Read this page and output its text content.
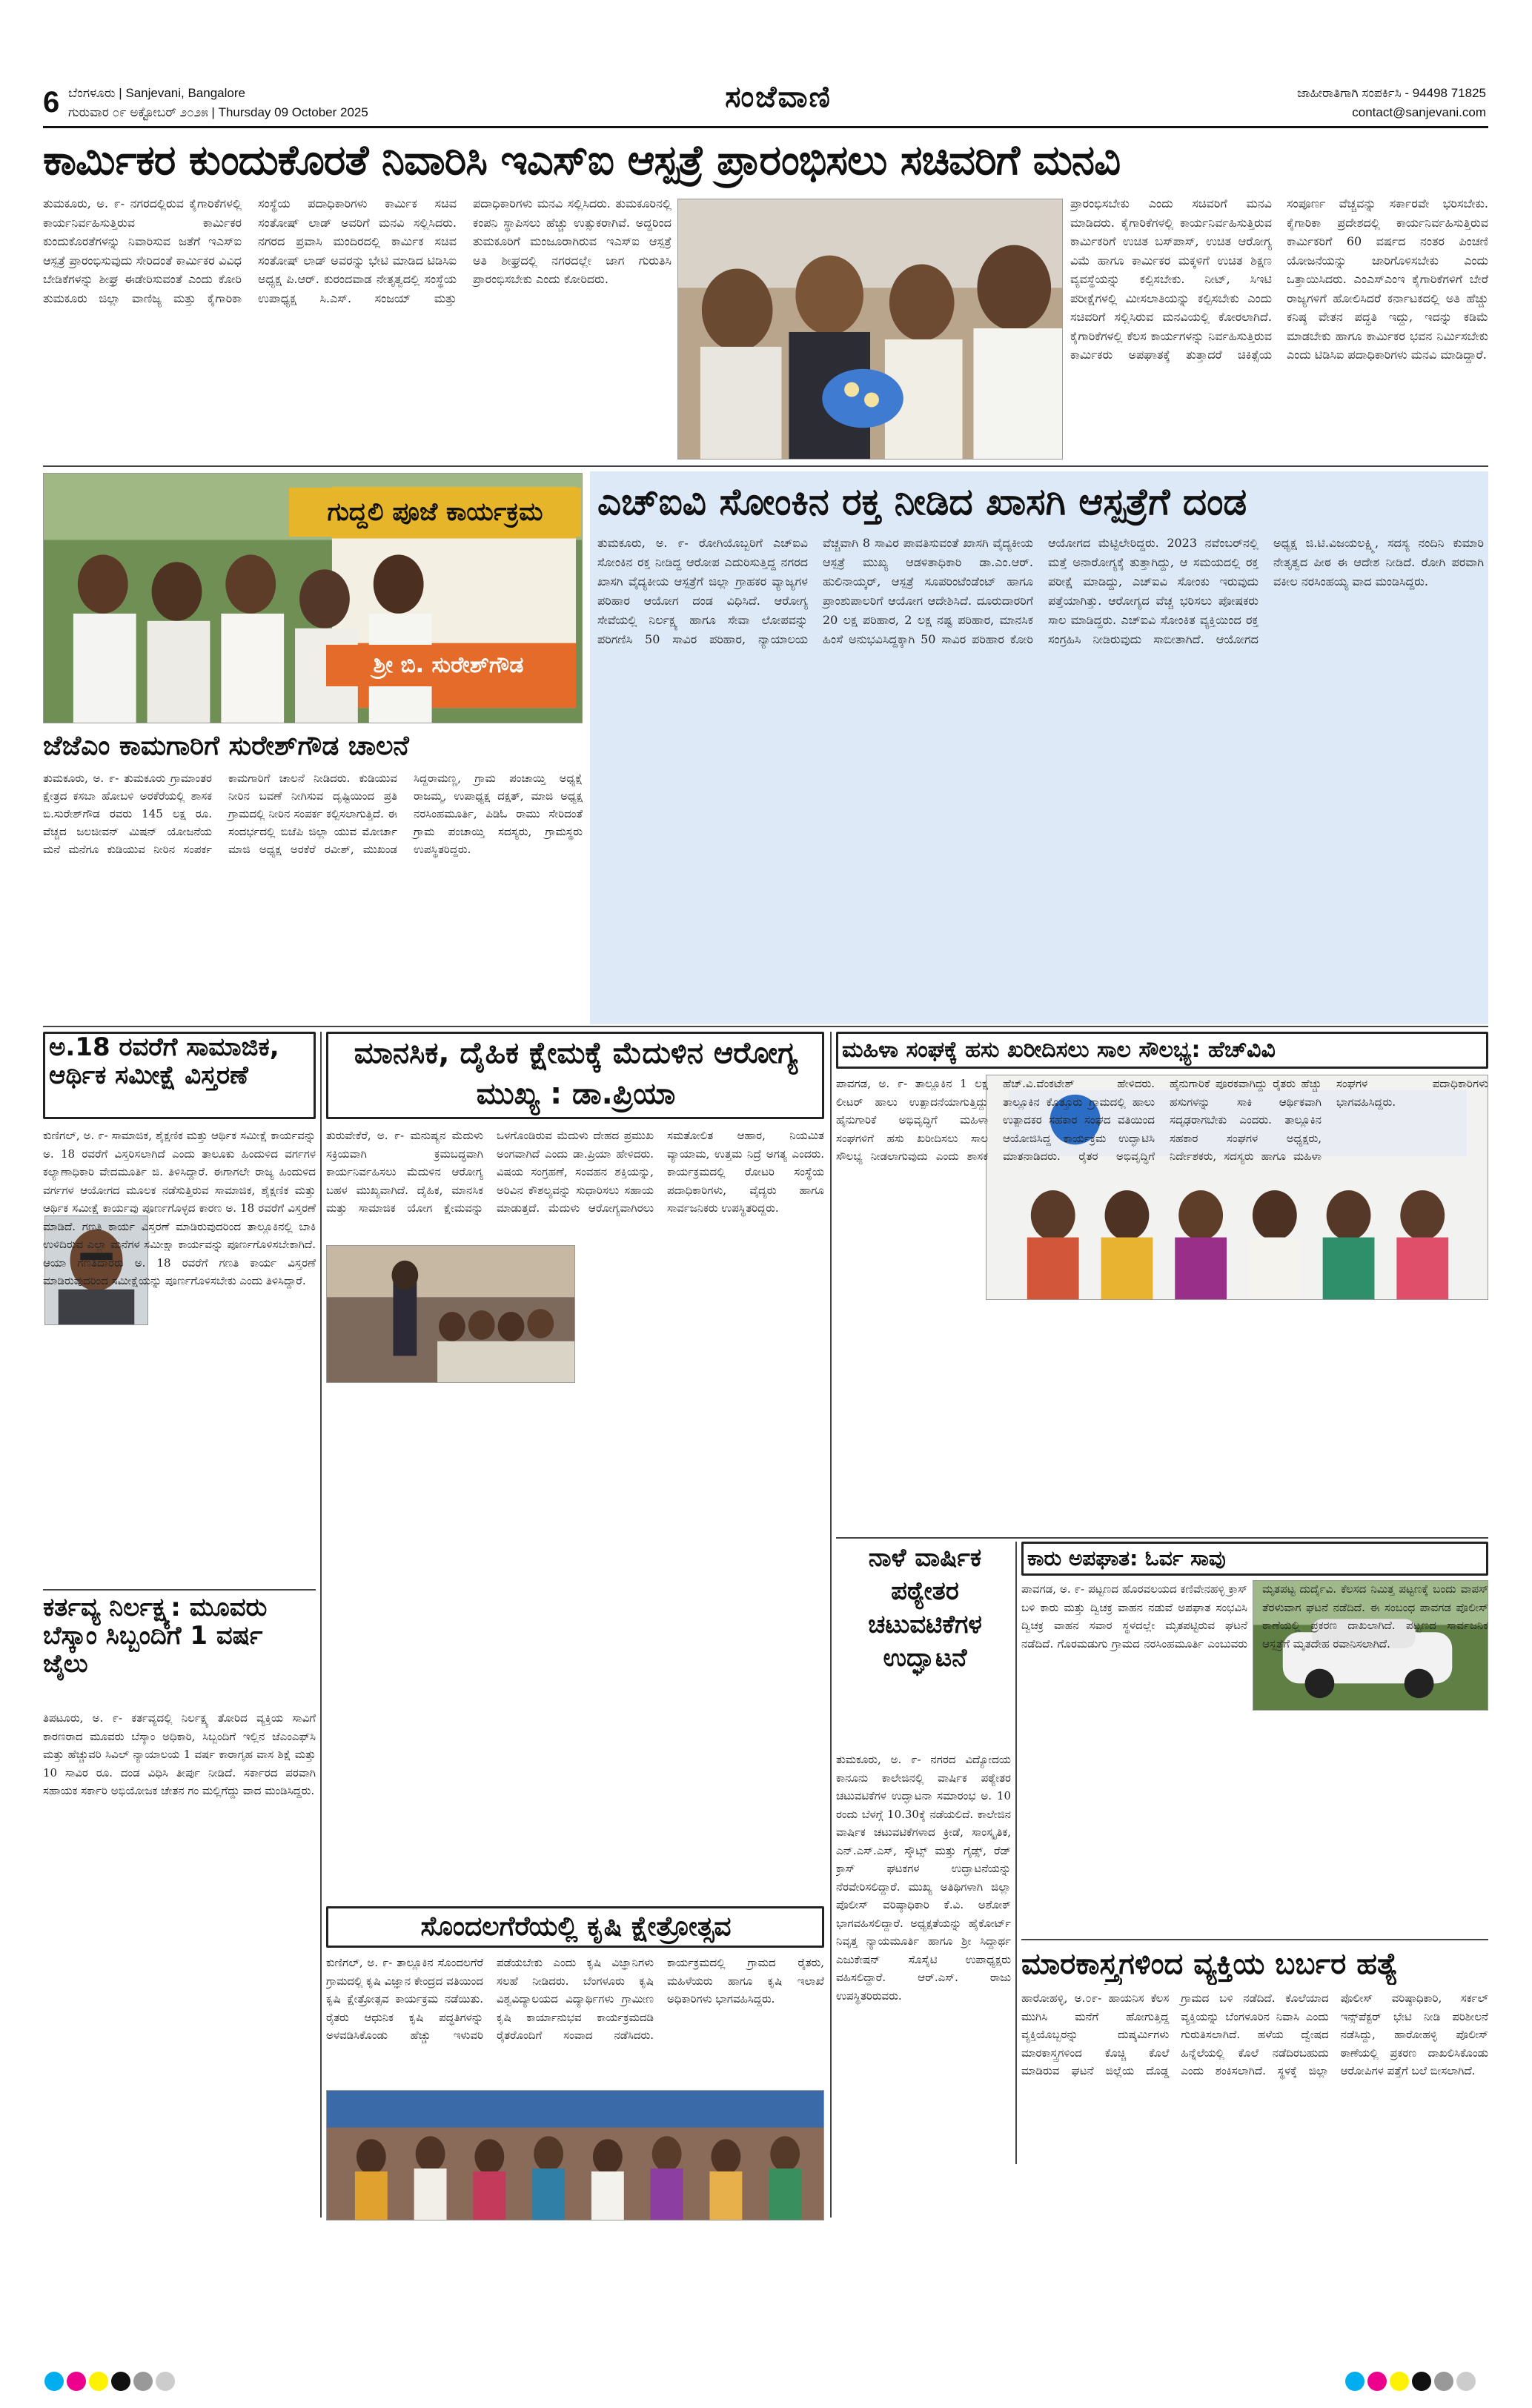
6 ಬೆಂಗಳೂರು | Sanjevani, Bangalore
ಗುರುವಾರ ೦೯ ಅಕ್ಟೋಬರ್ ೨೦೨೫ | Thursday 09 October 2025	ಸಂಜೆವಾಣಿ	ಜಾಹೀರಾತಿಗಾಗಿ ಸಂಪರ್ಕಿಸಿ - 94498 71825
contact@sanjevani.com
ಕಾರ್ಮಿಕರ ಕುಂದುಕೊರತೆ ನಿವಾರಿಸಿ ಇಎಸ್‌ಐ ಆಸ್ಪತ್ರೆ ಪ್ರಾರಂಭಿಸಲು ಸಚಿವರಿಗೆ ಮನವಿ
ತುಮಕೂರು, ಅ. ೯- ನಗರದಲ್ಲಿರುವ ಕೈಗಾರಿಕೆಗಳಲ್ಲಿ ಕಾರ್ಯನಿರ್ವಹಿಸುತ್ತಿರುವ ಕಾರ್ಮಿಕರ ಕುಂದುಕೊರತೆಗಳನ್ನು ನಿವಾರಿಸುವ ಜತೆಗೆ ಇಎಸ್‌ಐ ಆಸ್ಪತ್ರೆ ಪ್ರಾರಂಭಿಸುವುದು ಸೇರಿದಂತೆ ಕಾರ್ಮಿಕರ ವಿವಿಧ ಬೇಡಿಕೆಗಳನ್ನು ಶೀಘ್ರ ಈಡೇರಿಸುವಂತೆ ಎಂದು ಕೋರಿ ತುಮಕೂರು ಜಿಲ್ಲಾ ವಾಣಿಜ್ಯ ಮತ್ತು ಕೈಗಾರಿಕಾ ಸಂಸ್ಥೆಯ ಪದಾಧಿಕಾರಿಗಳು ಕಾರ್ಮಿಕ ಸಚಿವ ಸಂತೋಷ್ ಲಾಡ್ ಅವರಿಗೆ ಮನವಿ ಸಲ್ಲಿಸಿದರು. ನಗರದ ಪ್ರವಾಸಿ ಮಂದಿರದಲ್ಲಿ ಕಾರ್ಮಿಕ ಸಚಿವ ಸಂತೋಷ್ ಲಾಡ್ ಅವರನ್ನು ಭೇಟಿ ಮಾಡಿದ ಟಿಡಿಸಿಐ ಅಧ್ಯಕ್ಷ ಪಿ.ಆರ್. ಕುರಂದವಾಡ ನೇತೃತ್ವದಲ್ಲಿ ಸಂಸ್ಥೆಯ ಉಪಾಧ್ಯಕ್ಷ ಸಿ.ಎಸ್. ಸಂಜಯ್ ಮತ್ತು ಪದಾಧಿಕಾರಿಗಳು ಮನವಿ ಸಲ್ಲಿಸಿದರು. ತುಮಕೂರಿನಲ್ಲಿ ಕಂಪನಿ ಸ್ಥಾಪಿಸಲು ಹೆಚ್ಚು ಉತ್ಸುಕರಾಗಿವೆ. ಅದ್ದರಿಂದ ತುಮಕೂರಿಗೆ ಮಂಜೂರಾಗಿರುವ ಇಎಸ್‌ಐ ಆಸ್ಪತ್ರೆ ಅತಿ ಶೀಘ್ರದಲ್ಲಿ ನಗರದಲ್ಲೇ ಜಾಗ ಗುರುತಿಸಿ ಪ್ರಾರಂಭಿಸಬೇಕು ಎಂದು ಕೋರಿದರು.
ಪ್ರಾರಂಭಿಸಬೇಕು ಎಂದು ಸಚಿವರಿಗೆ ಮನವಿ ಮಾಡಿದರು. ಕೈಗಾರಿಕೆಗಳಲ್ಲಿ ಕಾರ್ಯನಿರ್ವಹಿಸುತ್ತಿರುವ ಕಾರ್ಮಿಕರಿಗೆ ಉಚಿತ ಬಸ್‌ಪಾಸ್, ಉಚಿತ ಆರೋಗ್ಯ ವಿಮೆ ಹಾಗೂ ಕಾರ್ಮಿಕರ ಮಕ್ಕಳಿಗೆ ಉಚಿತ ಶಿಕ್ಷಣ ವ್ಯವಸ್ಥೆಯನ್ನು ಕಲ್ಪಿಸಬೇಕು. ನೀಟ್, ಸಿಇಟಿ ಪರೀಕ್ಷೆಗಳಲ್ಲಿ ಮೀಸಲಾತಿಯನ್ನು ಕಲ್ಪಿಸಬೇಕು ಎಂದು ಸಚಿವರಿಗೆ ಸಲ್ಲಿಸಿರುವ ಮನವಿಯಲ್ಲಿ ಕೋರಲಾಗಿದೆ. ಕೈಗಾರಿಕೆಗಳಲ್ಲಿ ಕೆಲಸ ಕಾರ್ಯಗಳನ್ನು ನಿರ್ವಹಿಸುತ್ತಿರುವ ಕಾರ್ಮಿಕರು ಅಪಘಾತಕ್ಕೆ ತುತ್ತಾದರೆ ಚಿಕಿತ್ಸೆಯ ಸಂಪೂರ್ಣ ವೆಚ್ಚವನ್ನು ಸರ್ಕಾರವೇ ಭರಿಸಬೇಕು. ಕೈಗಾರಿಕಾ ಪ್ರದೇಶದಲ್ಲಿ ಕಾರ್ಯನಿರ್ವಹಿಸುತ್ತಿರುವ ಕಾರ್ಮಿಕರಿಗೆ 60 ವರ್ಷದ ನಂತರ ಪಿಂಚಣಿ ಯೋಜನೆಯನ್ನು ಜಾರಿಗೊಳಿಸಬೇಕು ಎಂದು ಒತ್ತಾಯಿಸಿದರು. ಎಂಎಸ್‌ಎಂಇ ಕೈಗಾರಿಕೆಗಳಿಗೆ ಬೇರೆ ರಾಜ್ಯಗಳಿಗೆ ಹೋಲಿಸಿದರೆ ಕರ್ನಾಟಕದಲ್ಲಿ ಅತಿ ಹೆಚ್ಚು ಕನಿಷ್ಠ ವೇತನ ಪದ್ಧತಿ ಇದ್ದು, ಇದನ್ನು ಕಡಿಮೆ ಮಾಡಬೇಕು ಹಾಗೂ ಕಾರ್ಮಿಕರ ಭವನ ನಿರ್ಮಿಸಬೇಕು ಎಂದು ಟಿಡಿಸಿಐ ಪದಾಧಿಕಾರಿಗಳು ಮನವಿ ಮಾಡಿದ್ದಾರೆ.
ಗುದ್ದಲಿ ಪೂಜೆ ಕಾರ್ಯಕ್ರಮ
ಶ್ರೀ ಬಿ. ಸುರೇಶ್‌ಗೌಡ
ಜೆಜೆಎಂ ಕಾಮಗಾರಿಗೆ ಸುರೇಶ್‌ಗೌಡ ಚಾಲನೆ
ತುಮಕೂರು, ಅ. ೯- ತುಮಕೂರು ಗ್ರಾಮಾಂತರ ಕ್ಷೇತ್ರದ ಕಸಬಾ ಹೋಬಳಿ ಅರಕೆರೆಯಲ್ಲಿ ಶಾಸಕ ಬಿ.ಸುರೇಶ್‌ಗೌಡ ರವರು 145 ಲಕ್ಷ ರೂ. ವೆಚ್ಚದ ಜಲಜೀವನ್ ಮಿಷನ್ ಯೋಜನೆಯ ಮನೆ ಮನೆಗೂ ಕುಡಿಯುವ ನೀರಿನ ಸಂಪರ್ಕ ಕಾಮಗಾರಿಗೆ ಚಾಲನೆ ನೀಡಿದರು. ಕುಡಿಯುವ ನೀರಿನ ಬವಣೆ ನೀಗಿಸುವ ದೃಷ್ಟಿಯಿಂದ ಪ್ರತಿ ಗ್ರಾಮದಲ್ಲಿ ನೀರಿನ ಸಂಪರ್ಕ ಕಲ್ಪಿಸಲಾಗುತ್ತಿದೆ. ಈ ಸಂದರ್ಭದಲ್ಲಿ ಬಿಜೆಪಿ ಜಿಲ್ಲಾ ಯುವ ಮೋರ್ಚಾ ಮಾಜಿ ಅಧ್ಯಕ್ಷ ಅರಕೆರೆ ರವೀಶ್, ಮುಖಂಡ ಸಿದ್ದರಾಮಣ್ಣ, ಗ್ರಾಮ ಪಂಚಾಯ್ತಿ ಅಧ್ಯಕ್ಷೆ ರಾಜಮ್ಮ, ಉಪಾಧ್ಯಕ್ಷ ದಕ್ಷತ್, ಮಾಜಿ ಅಧ್ಯಕ್ಷ ನರಸಿಂಹಮೂರ್ತಿ, ಪಿಡಿಓ ರಾಮು ಸೇರಿದಂತೆ ಗ್ರಾಮ ಪಂಚಾಯ್ತಿ ಸದಸ್ಯರು, ಗ್ರಾಮಸ್ಥರು ಉಪಸ್ಥಿತರಿದ್ದರು.
ಎಚ್‌ಐವಿ ಸೋಂಕಿನ ರಕ್ತ ನೀಡಿದ ಖಾಸಗಿ ಆಸ್ಪತ್ರೆಗೆ ದಂಡ
ತುಮಕೂರು, ಅ. ೯- ರೋಗಿಯೊಬ್ಬರಿಗೆ ಎಚ್‌ಐವಿ ಸೋಂಕಿನ ರಕ್ತ ನೀಡಿದ್ದ ಆರೋಪ ಎದುರಿಸುತ್ತಿದ್ದ ನಗರದ ಖಾಸಗಿ ವೈದ್ಯಕೀಯ ಆಸ್ಪತ್ರೆಗೆ ಜಿಲ್ಲಾ ಗ್ರಾಹಕರ ವ್ಯಾಜ್ಯಗಳ ಪರಿಹಾರ ಆಯೋಗ ದಂಡ ವಿಧಿಸಿದೆ. ಆರೋಗ್ಯ ಸೇವೆಯಲ್ಲಿ ನಿರ್ಲಕ್ಷ್ಯ ಹಾಗೂ ಸೇವಾ ಲೋಪವನ್ನು ಪರಿಗಣಿಸಿ 50 ಸಾವಿರ ಪರಿಹಾರ, ನ್ಯಾಯಾಲಯ ವೆಚ್ಚವಾಗಿ 8 ಸಾವಿರ ಪಾವತಿಸುವಂತೆ ಖಾಸಗಿ ವೈದ್ಯಕೀಯ ಆಸ್ಪತ್ರೆ ಮುಖ್ಯ ಆಡಳಿತಾಧಿಕಾರಿ ಡಾ.ಎಂ.ಆರ್. ಹುಲಿನಾಯ್ಕರ್, ಆಸ್ಪತ್ರೆ ಸೂಪರಿಂಟೆಂಡೆಂಟ್ ಹಾಗೂ ಪ್ರಾಂಶುಪಾಲರಿಗೆ ಆಯೋಗ ಆದೇಶಿಸಿದೆ. ದೂರುದಾರರಿಗೆ 20 ಲಕ್ಷ ಪರಿಹಾರ, 2 ಲಕ್ಷ ನಷ್ಟ ಪರಿಹಾರ, ಮಾನಸಿಕ ಹಿಂಸೆ ಅನುಭವಿಸಿದ್ದಕ್ಕಾಗಿ 50 ಸಾವಿರ ಪರಿಹಾರ ಕೋರಿ ಆಯೋಗದ ಮೆಟ್ಟಿಲೇರಿದ್ದರು. 2023 ನವೆಂಬರ್‌ನಲ್ಲಿ ಮತ್ತೆ ಅನಾರೋಗ್ಯಕ್ಕೆ ತುತ್ತಾಗಿದ್ದು, ಆ ಸಮಯದಲ್ಲಿ ರಕ್ತ ಪರೀಕ್ಷೆ ಮಾಡಿದ್ದು, ಎಚ್‌ಐವಿ ಸೋಂಕು ಇರುವುದು ಪತ್ತೆಯಾಗಿತ್ತು. ಆರೋಗ್ಯದ ವೆಚ್ಚ ಭರಿಸಲು ಪೋಷಕರು ಸಾಲ ಮಾಡಿದ್ದರು. ಎಚ್‌ಐವಿ ಸೋಂಕಿತ ವ್ಯಕ್ತಿಯಿಂದ ರಕ್ತ ಸಂಗ್ರಹಿಸಿ ನೀಡಿರುವುದು ಸಾಬೀತಾಗಿದೆ. ಆಯೋಗದ ಅಧ್ಯಕ್ಷ ಜಿ.ಟಿ.ವಿಜಯಲಕ್ಷ್ಮಿ, ಸದಸ್ಯ ನಂದಿನಿ ಕುಮಾರಿ ನೇತೃತ್ವದ ಪೀಠ ಈ ಆದೇಶ ನೀಡಿದೆ. ರೋಗಿ ಪರವಾಗಿ ವಕೀಲ ನರಸಿಂಹಯ್ಯ ವಾದ ಮಂಡಿಸಿದ್ದರು.
ಅ.18 ರವರೆಗೆ ಸಾಮಾಜಿಕ, ಆರ್ಥಿಕ ಸಮೀಕ್ಷೆ ವಿಸ್ತರಣೆ
ಕುಣಿಗಲ್, ಅ. ೯- ಸಾಮಾಜಿಕ, ಶೈಕ್ಷಣಿಕ ಮತ್ತು ಆರ್ಥಿಕ ಸಮೀಕ್ಷೆ ಕಾರ್ಯವನ್ನು ಅ. 18 ರವರೆಗೆ ವಿಸ್ತರಿಸಲಾಗಿದೆ ಎಂದು ತಾಲೂಕು ಹಿಂದುಳಿದ ವರ್ಗಗಳ ಕಲ್ಯಾಣಾಧಿಕಾರಿ ವೇದಮೂರ್ತಿ ಜಿ. ತಿಳಿಸಿದ್ದಾರೆ. ಈಗಾಗಲೇ ರಾಜ್ಯ ಹಿಂದುಳಿದ ವರ್ಗಗಳ ಆಯೋಗದ ಮೂಲಕ ನಡೆಸುತ್ತಿರುವ ಸಾಮಾಜಿಕ, ಶೈಕ್ಷಣಿಕ ಮತ್ತು ಆರ್ಥಿಕ ಸಮೀಕ್ಷೆ ಕಾರ್ಯವು ಪೂರ್ಣಗೊಳ್ಳದ ಕಾರಣ ಅ. 18 ರವರೆಗೆ ವಿಸ್ತರಣೆ ಮಾಡಿದೆ. ಗಣತಿ ಕಾರ್ಯ ವಿಸ್ತರಣೆ ಮಾಡಿರುವುದರಿಂದ ತಾಲ್ಲೂಕಿನಲ್ಲಿ ಬಾಕಿ ಉಳಿದಿರುವ ಎಲ್ಲಾ ಮನೆಗಳ ಸಮೀಕ್ಷಾ ಕಾರ್ಯವನ್ನು ಪೂರ್ಣಗೊಳಿಸಬೇಕಾಗಿದೆ. ಆಯಾ ಗಣತಿದಾರರು ಅ. 18 ರವರೆಗೆ ಗಣತಿ ಕಾರ್ಯ ವಿಸ್ತರಣೆ ಮಾಡಿರುವುದರಿಂದ ಸಮೀಕ್ಷೆಯನ್ನು ಪೂರ್ಣಗೊಳಿಸಬೇಕು ಎಂದು ತಿಳಿಸಿದ್ದಾರೆ.
ಕರ್ತವ್ಯ ನಿರ್ಲಕ್ಷ್ಯ: ಮೂವರು ಬೆಸ್ಕಾಂ ಸಿಬ್ಬಂದಿಗೆ 1 ವರ್ಷ ಜೈಲು
ತಿಪಟೂರು, ಅ. ೯- ಕರ್ತವ್ಯದಲ್ಲಿ ನಿರ್ಲಕ್ಷ್ಯ ತೋರಿದ ವ್ಯಕ್ತಿಯ ಸಾವಿಗೆ ಕಾರಣರಾದ ಮೂವರು ಬೆಸ್ಕಾಂ ಅಧಿಕಾರಿ, ಸಿಬ್ಬಂದಿಗೆ ಇಲ್ಲಿನ ಜೆಎಂಎಫ್‌ಸಿ ಮತ್ತು ಹೆಚ್ಚುವರಿ ಸಿವಿಲ್ ನ್ಯಾಯಾಲಯ 1 ವರ್ಷ ಕಾರಾಗೃಹ ವಾಸ ಶಿಕ್ಷೆ ಮತ್ತು 10 ಸಾವಿರ ರೂ. ದಂಡ ವಿಧಿಸಿ ತೀರ್ಪು ನೀಡಿದೆ. ಸರ್ಕಾರದ ಪರವಾಗಿ ಸಹಾಯಕ ಸರ್ಕಾರಿ ಅಭಿಯೋಜಕ ಚೇತನ ಗಂ ಮಲ್ಲಿಗೆದ್ದು ವಾದ ಮಂಡಿಸಿದ್ದರು.
ಮಾನಸಿಕ, ದೈಹಿಕ ಕ್ಷೇಮಕ್ಕೆ ಮೆದುಳಿನ ಆರೋಗ್ಯ ಮುಖ್ಯ : ಡಾ.ಪ್ರಿಯಾ
ತುರುವೇಕೆರೆ, ಅ. ೯- ಮನುಷ್ಯನ ಮೆದುಳು ಸಕ್ರಿಯವಾಗಿ ಕ್ರಮಬದ್ಧವಾಗಿ ಕಾರ್ಯನಿರ್ವಹಿಸಲು ಮೆದುಳಿನ ಆರೋಗ್ಯ ಬಹಳ ಮುಖ್ಯವಾಗಿದೆ. ದೈಹಿಕ, ಮಾನಸಿಕ ಮತ್ತು ಸಾಮಾಜಿಕ ಯೋಗ ಕ್ಷೇಮವನ್ನು ಒಳಗೊಂಡಿರುವ ಮೆದುಳು ದೇಹದ ಪ್ರಮುಖ ಅಂಗವಾಗಿದೆ ಎಂದು ಡಾ.ಪ್ರಿಯಾ ಹೇಳಿದರು. ವಿಷಯ ಸಂಗ್ರಹಣೆ, ಸಂವಹನ ಶಕ್ತಿಯನ್ನು, ಅರಿವಿನ ಕೌಶಲ್ಯವನ್ನು ಸುಧಾರಿಸಲು ಸಹಾಯ ಮಾಡುತ್ತದೆ. ಮೆದುಳು ಆರೋಗ್ಯವಾಗಿರಲು ಸಮತೋಲಿತ ಆಹಾರ, ನಿಯಮಿತ ವ್ಯಾಯಾಮ, ಉತ್ತಮ ನಿದ್ರೆ ಅಗತ್ಯ ಎಂದರು. ಕಾರ್ಯಕ್ರಮದಲ್ಲಿ ರೋಟರಿ ಸಂಸ್ಥೆಯ ಪದಾಧಿಕಾರಿಗಳು, ವೈದ್ಯರು ಹಾಗೂ ಸಾರ್ವಜನಿಕರು ಉಪಸ್ಥಿತರಿದ್ದರು.
ಮಹಿಳಾ ಸಂಘಕ್ಕೆ ಹಸು ಖರೀದಿಸಲು ಸಾಲ ಸೌಲಭ್ಯ: ಹೆಚ್‌ವಿವಿ
ಪಾವಗಡ, ಅ. ೯- ತಾಲ್ಲೂಕಿನ 1 ಲಕ್ಷ ಲೀಟರ್ ಹಾಲು ಉತ್ಪಾದನೆಯಾಗುತ್ತಿದ್ದು ಹೈನುಗಾರಿಕೆ ಅಭಿವೃದ್ಧಿಗೆ ಮಹಿಳಾ ಸಂಘಗಳಿಗೆ ಹಸು ಖರೀದಿಸಲು ಸಾಲ ಸೌಲಭ್ಯ ನೀಡಲಾಗುವುದು ಎಂದು ಶಾಸಕ ಹೆಚ್.ವಿ.ವೆಂಕಟೇಶ್ ಹೇಳಿದರು. ತಾಲ್ಲೂಕಿನ ಕೊತ್ತೂರು ಗ್ರಾಮದಲ್ಲಿ ಹಾಲು ಉತ್ಪಾದಕರ ಸಹಕಾರ ಸಂಘದ ವತಿಯಿಂದ ಆಯೋಜಿಸಿದ್ದ ಕಾರ್ಯಕ್ರಮ ಉದ್ಘಾಟಿಸಿ ಮಾತನಾಡಿದರು. ರೈತರ ಅಭಿವೃದ್ಧಿಗೆ ಹೈನುಗಾರಿಕೆ ಪೂರಕವಾಗಿದ್ದು ರೈತರು ಹೆಚ್ಚು ಹಸುಗಳನ್ನು ಸಾಕಿ ಆರ್ಥಿಕವಾಗಿ ಸದೃಢರಾಗಬೇಕು ಎಂದರು. ತಾಲ್ಲೂಕಿನ ಸಹಕಾರ ಸಂಘಗಳ ಅಧ್ಯಕ್ಷರು, ನಿರ್ದೇಶಕರು, ಸದಸ್ಯರು ಹಾಗೂ ಮಹಿಳಾ ಸಂಘಗಳ ಪದಾಧಿಕಾರಿಗಳು ಭಾಗವಹಿಸಿದ್ದರು.
ನಾಳೆ ವಾರ್ಷಿಕ ಪಠ್ಯೇತರ ಚಟುವಟಿಕೆಗಳ ಉದ್ಘಾಟನೆ
ತುಮಕೂರು, ಅ. ೯- ನಗರದ ವಿದ್ಯೋದಯ ಕಾನೂನು ಕಾಲೇಜಿನಲ್ಲಿ ವಾರ್ಷಿಕ ಪಠ್ಯೇತರ ಚಟುವಟಿಕೆಗಳ ಉದ್ಘಾಟನಾ ಸಮಾರಂಭ ಅ. 10 ರಂದು ಬೆಳಗ್ಗೆ 10.30ಕ್ಕೆ ನಡೆಯಲಿದೆ. ಕಾಲೇಜಿನ ವಾರ್ಷಿಕ ಚಟುವಟಿಕೆಗಳಾದ ಕ್ರೀಡೆ, ಸಾಂಸ್ಕೃತಿಕ, ಎನ್.ಎಸ್.ಎಸ್, ಸ್ಕೌಟ್ಸ್ ಮತ್ತು ಗೈಡ್ಸ್, ರೆಡ್ ಕ್ರಾಸ್ ಘಟಕಗಳ ಉದ್ಘಾಟನೆಯನ್ನು ನೆರವೇರಿಸಲಿದ್ದಾರೆ. ಮುಖ್ಯ ಅತಿಥಿಗಳಾಗಿ ಜಿಲ್ಲಾ ಪೊಲೀಸ್ ವರಿಷ್ಠಾಧಿಕಾರಿ ಕೆ.ವಿ. ಅಶೋಕ್ ಭಾಗವಹಿಸಲಿದ್ದಾರೆ. ಅಧ್ಯಕ್ಷತೆಯನ್ನು ಹೈಕೋರ್ಟ್ ನಿವೃತ್ತ ನ್ಯಾಯಮೂರ್ತಿ ಹಾಗೂ ಶ್ರೀ ಸಿದ್ದಾರ್ಥ ಎಜುಕೇಷನ್ ಸೊಸೈಟಿ ಉಪಾಧ್ಯಕ್ಷರು ವಹಿಸಲಿದ್ದಾರೆ. ಆರ್.ಎಸ್. ರಾಜು ಉಪಸ್ಥಿತರಿರುವರು.
ಕಾರು ಅಪಘಾತ: ಓರ್ವ ಸಾವು
ಪಾವಗಡ, ಅ. ೯- ಪಟ್ಟಣದ ಹೊರವಲಯದ ಕಣಿವೇನಹಳ್ಳಿ ಕ್ರಾಸ್ ಬಳಿ ಕಾರು ಮತ್ತು ದ್ವಿಚಕ್ರ ವಾಹನ ನಡುವೆ ಅಪಘಾತ ಸಂಭವಿಸಿ ದ್ವಿಚಕ್ರ ವಾಹನ ಸವಾರ ಸ್ಥಳದಲ್ಲೇ ಮೃತಪಟ್ಟಿರುವ ಘಟನೆ ನಡೆದಿದೆ. ಗೊರಮಡುಗು ಗ್ರಾಮದ ನರಸಿಂಹಮೂರ್ತಿ ಎಂಬುವರು ಮೃತಪಟ್ಟ ದುರ್ದೈವಿ. ಕೆಲಸದ ನಿಮಿತ್ತ ಪಟ್ಟಣಕ್ಕೆ ಬಂದು ವಾಪಸ್ ತೆರಳುವಾಗ ಘಟನೆ ನಡೆದಿದೆ. ಈ ಸಂಬಂಧ ಪಾವಗಡ ಪೊಲೀಸ್ ಠಾಣೆಯಲ್ಲಿ ಪ್ರಕರಣ ದಾಖಲಾಗಿದೆ. ಪಟ್ಟಣದ ಸಾರ್ವಜನಿಕ ಆಸ್ಪತ್ರೆಗೆ ಮೃತದೇಹ ರವಾನಿಸಲಾಗಿದೆ.
ಸೊಂದಲಗೆರೆಯಲ್ಲಿ ಕೃಷಿ ಕ್ಷೇತ್ರೋತ್ಸವ
ಕುಣಿಗಲ್, ಅ. ೯- ತಾಲ್ಲೂಕಿನ ಸೊಂದಲಗೆರೆ ಗ್ರಾಮದಲ್ಲಿ ಕೃಷಿ ವಿಜ್ಞಾನ ಕೇಂದ್ರದ ವತಿಯಿಂದ ಕೃಷಿ ಕ್ಷೇತ್ರೋತ್ಸವ ಕಾರ್ಯಕ್ರಮ ನಡೆಯಿತು. ರೈತರು ಆಧುನಿಕ ಕೃಷಿ ಪದ್ಧತಿಗಳನ್ನು ಅಳವಡಿಸಿಕೊಂಡು ಹೆಚ್ಚು ಇಳುವರಿ ಪಡೆಯಬೇಕು ಎಂದು ಕೃಷಿ ವಿಜ್ಞಾನಿಗಳು ಸಲಹೆ ನೀಡಿದರು. ಬೆಂಗಳೂರು ಕೃಷಿ ವಿಶ್ವವಿದ್ಯಾಲಯದ ವಿದ್ಯಾರ್ಥಿಗಳು ಗ್ರಾಮೀಣ ಕೃಷಿ ಕಾರ್ಯಾನುಭವ ಕಾರ್ಯಕ್ರಮದಡಿ ರೈತರೊಂದಿಗೆ ಸಂವಾದ ನಡೆಸಿದರು. ಕಾರ್ಯಕ್ರಮದಲ್ಲಿ ಗ್ರಾಮದ ರೈತರು, ಮಹಿಳೆಯರು ಹಾಗೂ ಕೃಷಿ ಇಲಾಖೆ ಅಧಿಕಾರಿಗಳು ಭಾಗವಹಿಸಿದ್ದರು.
ಮಾರಕಾಸ್ತ್ರಗಳಿಂದ ವ್ಯಕ್ತಿಯ ಬರ್ಬರ ಹತ್ಯೆ
ಹಾರೋಹಳ್ಳಿ, ಅ.೦೯- ಹಾಯನಿಸ ಕೆಲಸ ಮುಗಿಸಿ ಮನೆಗೆ ಹೋಗುತ್ತಿದ್ದ ವ್ಯಕ್ತಿಯೊಬ್ಬರನ್ನು ದುಷ್ಕರ್ಮಿಗಳು ಮಾರಕಾಸ್ತ್ರಗಳಿಂದ ಕೊಚ್ಚಿ ಕೊಲೆ ಮಾಡಿರುವ ಘಟನೆ ಜಿಲ್ಲೆಯ ದೊಡ್ಡ ಗ್ರಾಮದ ಬಳಿ ನಡೆದಿದೆ. ಕೊಲೆಯಾದ ವ್ಯಕ್ತಿಯನ್ನು ಬೆಂಗಳೂರಿನ ನಿವಾಸಿ ಎಂದು ಗುರುತಿಸಲಾಗಿದೆ. ಹಳೆಯ ದ್ವೇಷದ ಹಿನ್ನೆಲೆಯಲ್ಲಿ ಕೊಲೆ ನಡೆದಿರಬಹುದು ಎಂದು ಶಂಕಿಸಲಾಗಿದೆ. ಸ್ಥಳಕ್ಕೆ ಜಿಲ್ಲಾ ಪೊಲೀಸ್ ವರಿಷ್ಠಾಧಿಕಾರಿ, ಸರ್ಕಲ್ ಇನ್ಸ್‌ಪೆಕ್ಟರ್ ಭೇಟಿ ನೀಡಿ ಪರಿಶೀಲನೆ ನಡೆಸಿದ್ದು, ಹಾರೋಹಳ್ಳಿ ಪೊಲೀಸ್ ಠಾಣೆಯಲ್ಲಿ ಪ್ರಕರಣ ದಾಖಲಿಸಿಕೊಂಡು ಆರೋಪಿಗಳ ಪತ್ತೆಗೆ ಬಲೆ ಬೀಸಲಾಗಿದೆ.
